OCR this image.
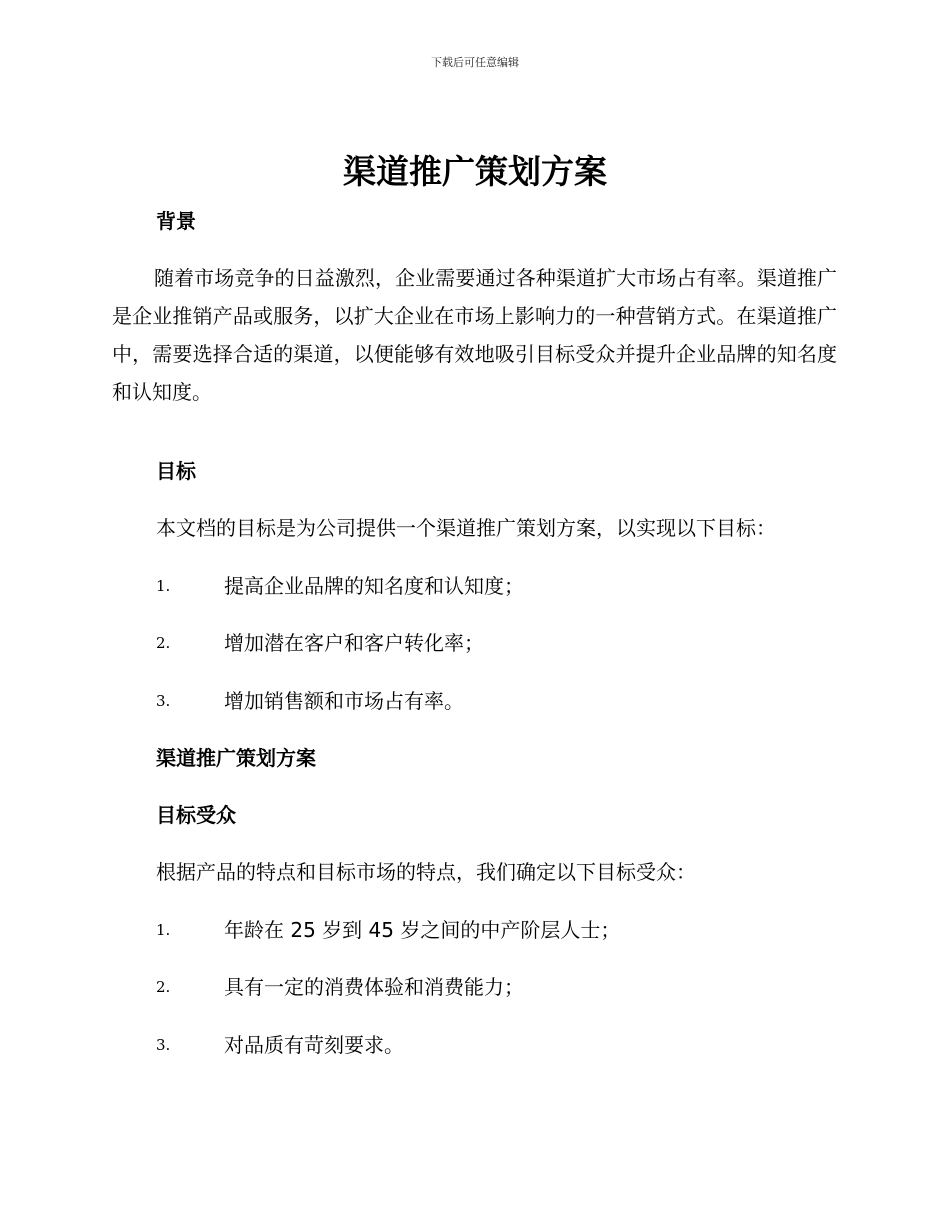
下载后可任意编辑
渠道推广策划方案
背景

随着市场竞争的日益激烈，企业需要通过各种渠道扩大市场占有率。渠道推广是企业推销产品或服务，以扩大企业在市场上影响力的一种营销方式。在渠道推广中，需要选择合适的渠道，以便能够有效地吸引目标受众并提升企业品牌的知名度和认知度。

目标

本文档的目标是为公司提供一个渠道推广策划方案，以实现以下目标：

1.	提高企业品牌的知名度和认知度；
2.	增加潜在客户和客户转化率；
3.	增加销售额和市场占有率。
渠道推广策划方案
目标受众

根据产品的特点和目标市场的特点，我们确定以下目标受众：

1.	年龄在 25 岁到 45 岁之间的中产阶层人士；
2.	具有一定的消费体验和消费能力；
3.	对品质有苛刻要求。
